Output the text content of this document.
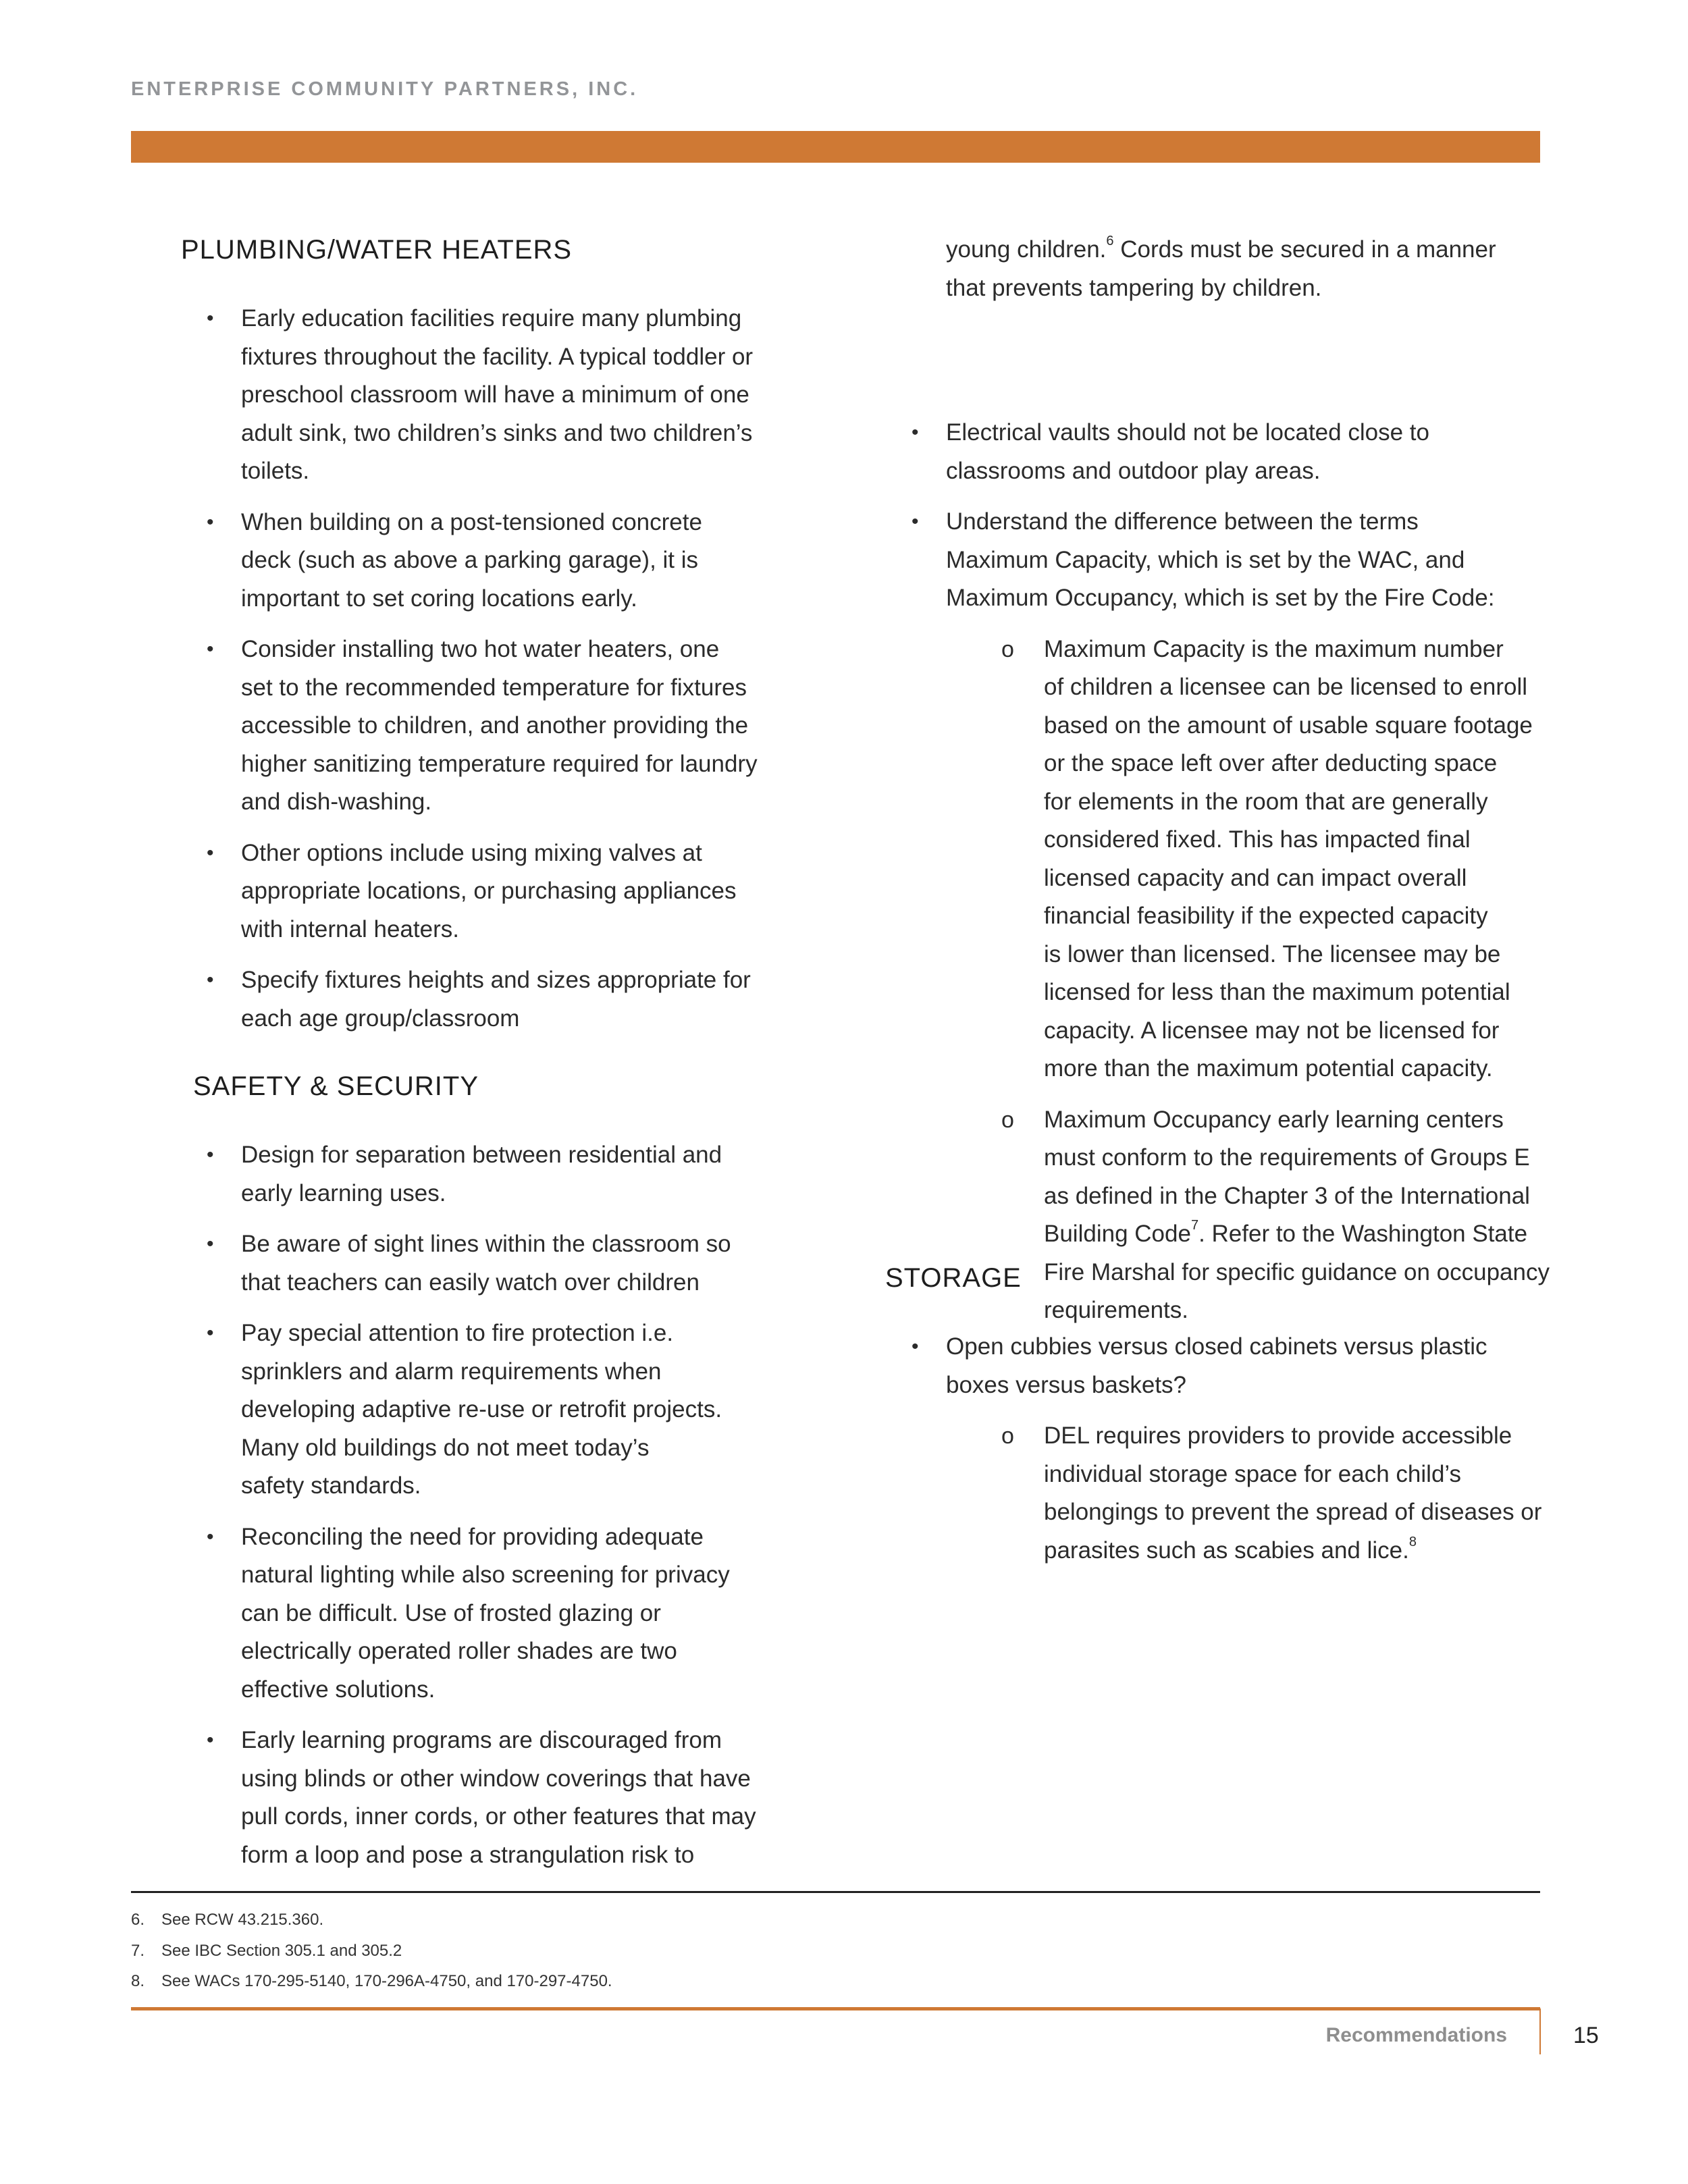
ENTERPRISE COMMUNITY PARTNERS, INC.
PLUMBING/WATER HEATERS
• Early education facilities require many plumbing
fixtures throughout the facility. A typical toddler or
preschool classroom will have a minimum of one
adult sink, two children’s sinks and two children’s
toilets.
• When building on a post-tensioned concrete
deck (such as above a parking garage), it is
important to set coring locations early.
• Consider installing two hot water heaters, one
set to the recommended temperature for fixtures
accessible to children, and another providing the
higher sanitizing temperature required for laundry
and dish-washing.
• Other options include using mixing valves at
appropriate locations, or purchasing appliances
with internal heaters.
• Specify fixtures heights and sizes appropriate for
each age group/classroom
SAFETY & SECURITY
• Design for separation between residential and
early learning uses.
• Be aware of sight lines within the classroom so
that teachers can easily watch over children
• Pay special attention to fire protection i.e.
sprinklers and alarm requirements when
developing adaptive re-use or retrofit projects.
Many old buildings do not meet today’s
safety standards.
• Reconciling the need for providing adequate
natural lighting while also screening for privacy
can be difficult. Use of frosted glazing or
electrically operated roller shades are two
effective solutions.
• Early learning programs are discouraged from
using blinds or other window coverings that have
pull cords, inner cords, or other features that may
form a loop and pose a strangulation risk to
young children.$^6$ Cords must be secured in a manner
that prevents tampering by children.
• Electrical vaults should not be located close to
classrooms and outdoor play areas.
• Understand the difference between the terms
Maximum Capacity, which is set by the WAC, and
Maximum Occupancy, which is set by the Fire Code:
o Maximum Capacity is the maximum number
of children a licensee can be licensed to enroll
based on the amount of usable square footage
or the space left over after deducting space
for elements in the room that are generally
considered fixed. This has impacted final
licensed capacity and can impact overall
financial feasibility if the expected capacity
is lower than licensed. The licensee may be
licensed for less than the maximum potential
capacity. A licensee may not be licensed for
more than the maximum potential capacity.
o Maximum Occupancy early learning centers
must conform to the requirements of Groups E
as defined in the Chapter 3 of the International
Building Code$^7$. Refer to the Washington State
Fire Marshal for specific guidance on occupancy
requirements.
STORAGE
• Open cubbies versus closed cabinets versus plastic
boxes versus baskets?
o DEL requires providers to provide accessible
individual storage space for each child’s
belongings to prevent the spread of diseases or
parasites such as scabies and lice.$^8$
6. See RCW 43.215.360.
7. See IBC Section 305.1 and 305.2
8. See WACs 170-295-5140, 170-296A-4750, and 170-297-4750.
Recommendations	15
